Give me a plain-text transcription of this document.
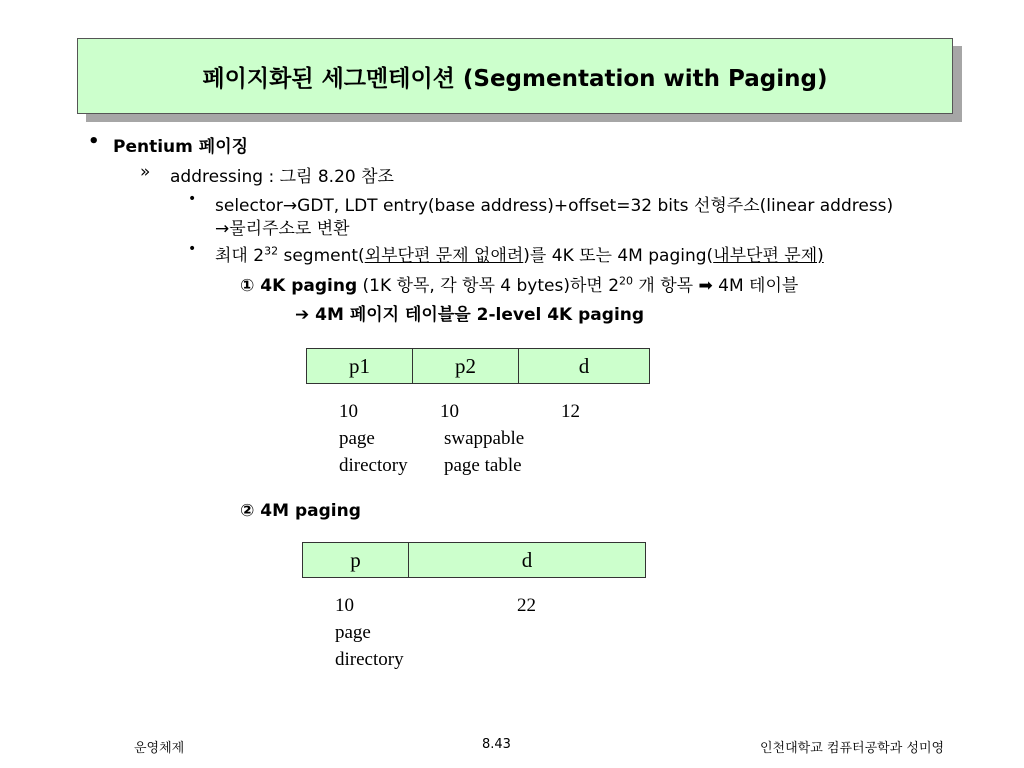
페이지화된 세그멘테이션 (Segmentation with Paging)
• Pentium 페이징
» addressing : 그림 8.20 참조
• selector→GDT, LDT entry(base address)+offset=32 bits 선형주소(linear address)
→물리주소로 변환
• 최대 $2^{32}$ segment(외부단편 문제 없애려)를 4K 또는 4M paging(내부단편 문제)
① 4K paging (1K 항목, 각 항목 4 bytes)하면 $2^{20}$ 개 항목 ➡ 4M 테이블
➔ 4M 페이지 테이블을 2-level 4K paging
p1	p2	d
10	10	12
page
directory
swappable
page table
② 4M paging
p	d
10	22
page
directory
운영체제	8.43	인천대학교 컴퓨터공학과 성미영
